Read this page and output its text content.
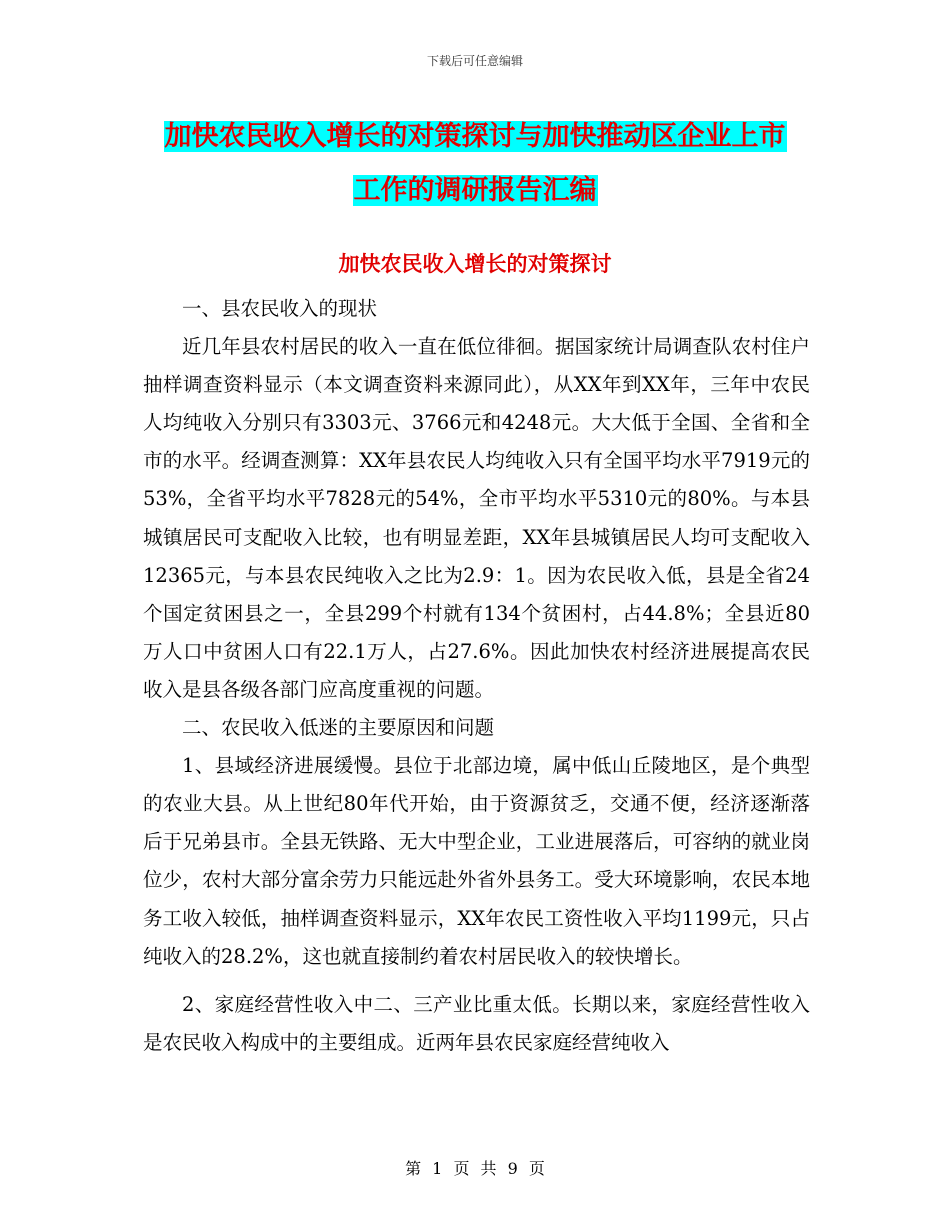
下载后可任意编辑
加快农民收入增长的对策探讨与加快推动区企业上市
工作的调研报告汇编
加快农民收入增长的对策探讨

一、县农民收入的现状

近几年县农村居民的收入一直在低位徘徊。据国家统计局调查队农村住户抽样调查资料显示（本文调查资料来源同此），从XX年到XX年，三年中农民人均纯收入分别只有3303元、3766元和4248元。大大低于全国、全省和全市的水平。经调查测算：XX年县农民人均纯收入只有全国平均水平7919元的53%，全省平均水平7828元的54%，全市平均水平5310元的80%。与本县城镇居民可支配收入比较，也有明显差距，XX年县城镇居民人均可支配收入12365元，与本县农民纯收入之比为2.9：1。因为农民收入低，县是全省24个国定贫困县之一，全县299个村就有134个贫困村，占44.8%；全县近80万人口中贫困人口有22.1万人，占27.6%。因此加快农村经济进展提高农民收入是县各级各部门应高度重视的问题。

二、农民收入低迷的主要原因和问题

1、县域经济进展缓慢。县位于北部边境，属中低山丘陵地区，是个典型的农业大县。从上世纪80年代开始，由于资源贫乏，交通不便，经济逐渐落后于兄弟县市。全县无铁路、无大中型企业，工业进展落后，可容纳的就业岗位少，农村大部分富余劳力只能远赴外省外县务工。受大环境影响，农民本地务工收入较低，抽样调查资料显示，XX年农民工资性收入平均1199元，只占纯收入的28.2%，这也就直接制约着农村居民收入的较快增长。

2、家庭经营性收入中二、三产业比重太低。长期以来，家庭经营性收入是农民收入构成中的主要组成。近两年县农民家庭经营纯收入

第 1 页 共 9 页
